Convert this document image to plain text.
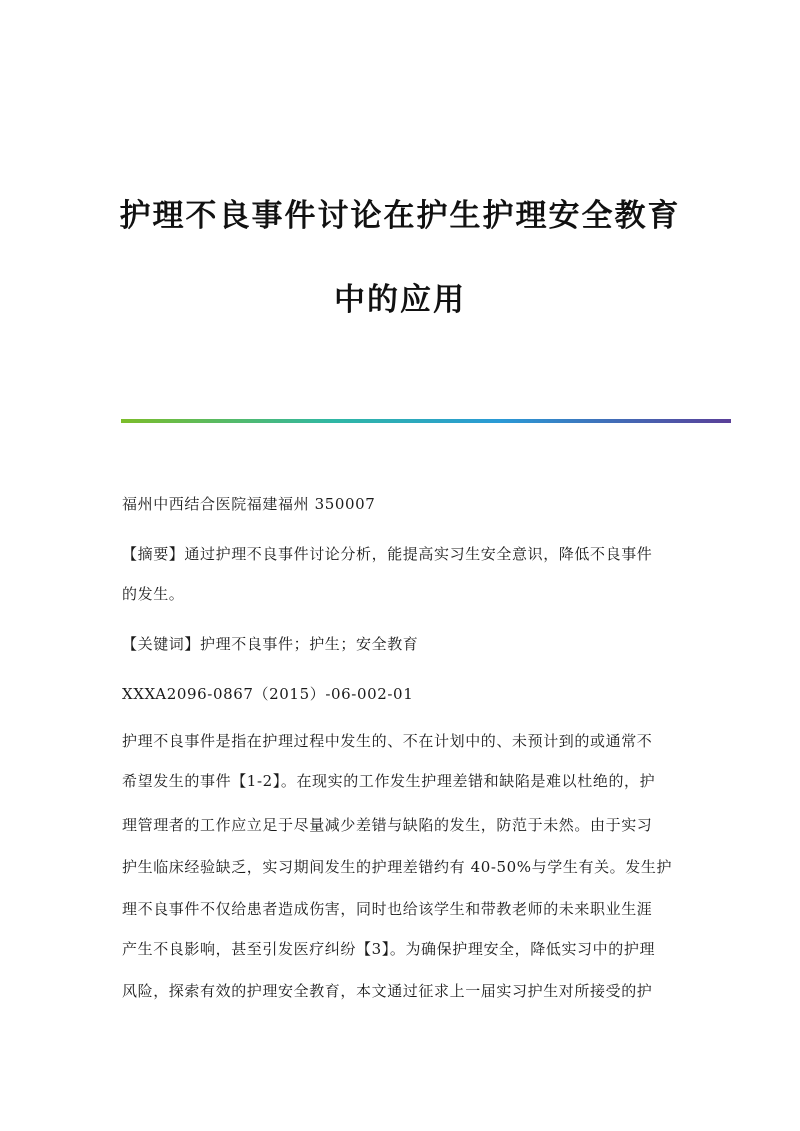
护理不良事件讨论在护生护理安全教育
中的应用
福州中西结合医院福建福州 350007
【摘要】通过护理不良事件讨论分析，能提高实习生安全意识，降低不良事件
的发生。
【关键词】护理不良事件；护生；安全教育
XXXA2096-0867（2015）-06-002-01
护理不良事件是指在护理过程中发生的、不在计划中的、未预计到的或通常不
希望发生的事件【1-2】。在现实的工作发生护理差错和缺陷是难以杜绝的，护
理管理者的工作应立足于尽量减少差错与缺陷的发生，防范于未然。由于实习
护生临床经验缺乏，实习期间发生的护理差错约有 40-50%与学生有关。发生护
理不良事件不仅给患者造成伤害，同时也给该学生和带教老师的未来职业生涯
产生不良影响，甚至引发医疗纠纷【3】。为确保护理安全，降低实习中的护理
风险，探索有效的护理安全教育，本文通过征求上一届实习护生对所接受的护
